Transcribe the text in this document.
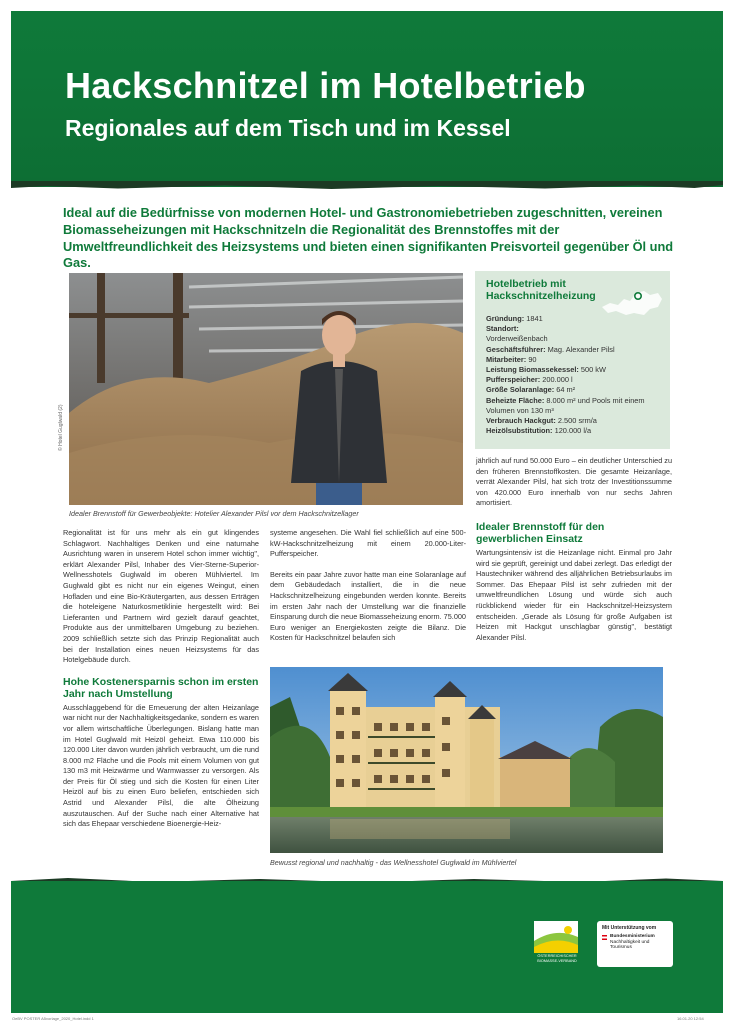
Hackschnitzel im Hotelbetrieb
Regionales auf dem Tisch und im Kessel

Ideal auf die Bedürfnisse von modernen Hotel- und Gastronomiebetrieben zugeschnitten, vereinen Biomasseheizungen mit Hackschnitzeln die Regionalität des Brennstoffes mit der Umweltfreundlichkeit des Heizsystems und bieten einen signifikanten Preisvorteil gegenüber Öl und Gas.

© Hotel Guglwald (2)

Idealer Brennstoff für Gewerbeobjekte: Hotelier Alexander Pilsl vor dem Hackschnitzellager

Hotelbetrieb mit Hackschnitzelheizung
Gründung: 1841
Standort:
Vorderweißenbach
Geschäftsführer: Mag. Alexander Pilsl
Mitarbeiter: 90
Leistung Biomassekessel: 500 kW
Pufferspeicher: 200.000 l
Größe Solaranlage: 64 m²
Beheizte Fläche: 8.000 m² und Pools mit einem Volumen von 130 m³
Verbrauch Hackgut: 2.500 srm/a
Heizölsubstitution: 120.000 l/a

Regionalität ist für uns mehr als ein gut klingendes Schlagwort. Nachhaltiges Denken und eine naturnahe Ausrichtung waren in unserem Hotel schon immer wichtig", erklärt Alexander Pilsl, Inhaber des Vier-Sterne-Superior-Wellnesshotels Guglwald im oberen Mühlviertel. Im Guglwald gibt es nicht nur ein eigenes Weingut, einen Hofladen und eine Bio-Kräutergarten, aus dessen Erträgen die hoteleigene Naturkosmetiklinie hergestellt wird: Bei Lieferanten und Partnern wird gezielt darauf geachtet, Produkte aus der unmittelbaren Umgebung zu beziehen. 2009 schließlich setzte sich das Prinzip Regionalität auch bei der Installation eines neuen Heizsystems für das Hotelgebäude durch.

Hohe Kostenersparnis schon im ersten Jahr nach Umstellung

Ausschlaggebend für die Erneuerung der alten Heizanlage war nicht nur der Nachhaltigkeitsgedanke, sondern es waren vor allem wirtschaftliche Überlegungen. Bislang hatte man im Hotel Guglwald mit Heizöl geheizt. Etwa 110.000 bis 120.000 Liter davon wurden jährlich verbraucht, um die rund 8.000 m2 Fläche und die Pools mit einem Volumen von gut 130 m3 mit Heizwärme und Warmwasser zu versorgen. Als der Preis für Öl stieg und sich die Kosten für einen Liter Heizöl auf bis zu einen Euro beliefen, entschieden sich Astrid und Alexander Pilsl, die alte Ölheizung auszutauschen. Auf der Suche nach einer Alternative hat sich das Ehepaar verschiedene Bioenergie-Heiz-

systeme angesehen. Die Wahl fiel schließlich auf eine 500-kW-Hackschnitzelheizung mit einem 20.000-Liter-Pufferspeicher.

Bereits ein paar Jahre zuvor hatte man eine Solaranlage auf dem Gebäudedach installiert, die in die neue Hackschnitzelheizung eingebunden werden konnte. Bereits im ersten Jahr nach der Umstellung war die finanzielle Einsparung durch die neue Biomasseheizung enorm. 75.000 Euro weniger an Energiekosten zeigte die Bilanz. Die Kosten für Hackschnitzel belaufen sich

jährlich auf rund 50.000 Euro – ein deutlicher Unterschied zu den früheren Brennstoffkosten. Die gesamte Heizanlage, verrät Alexander Pilsl, hat sich trotz der Investitionssumme von 420.000 Euro innerhalb von nur sechs Jahren amortisiert.

Idealer Brennstoff für den gewerblichen Einsatz

Wartungsintensiv ist die Heizanlage nicht. Einmal pro Jahr wird sie geprüft, gereinigt und dabei zerlegt. Das erledigt der Haustechniker während des alljährlichen Betriebsurlaubs im Sommer. Das Ehepaar Pilsl ist sehr zufrieden mit der umweltfreundlichen Lösung und würde sich auch rückblickend wieder für ein Hackschnitzel-Heizsystem entscheiden. „Gerade als Lösung für große Aufgaben ist Heizen mit Hackgut unschlagbar günstig", bestätigt Alexander Pilsl.

Bewusst regional und nachhaltig - das Wellnesshotel Guglwald im Mühlviertel

ÖSTERREICHISCHER BIOMASSE-VERBAND
Mit Unterstützung vom
Bundesministerium
Nachhaltigkeit und
Tourismus
OeBV POSTER A5vorlage_2020_Hotel.indd 1	16.01.20 12:54
